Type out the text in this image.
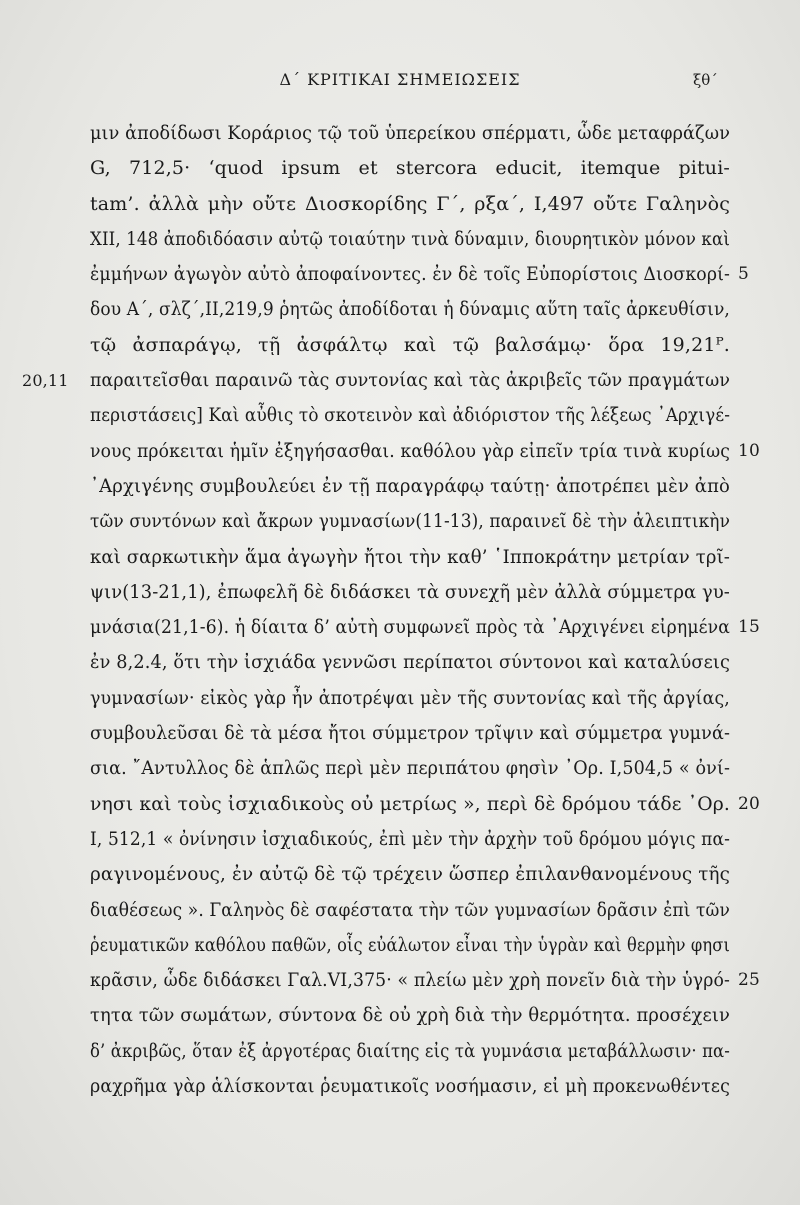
Δ΄ ΚΡΙΤΙΚΑΙ ΣΗΜΕΙΩΣΕΙΣ	ξθ΄
μιν ἀποδίδωσι Κοράριος τῷ τοῦ ὑπερείκου σπέρματι, ὧδε μεταφράζων
G, 712,5· ‘quod ipsum et stercora educit, itemque pitui-
tam’. ἀλλὰ μὴν οὔτε Διοσκορίδης Γ΄, ρξα΄, I,497 οὔτε Γαληνὸς
XII, 148 ἀποδιδόασιν αὐτῷ τοιαύτην τινὰ δύναμιν, διουρητικὸν μόνον καὶ
ἐμμήνων ἀγωγὸν αὐτὸ ἀποφαίνοντες. ἐν δὲ τοῖς Εὐπορίστοις Διοσκορί- 5
δου Α΄, σλζ΄,II,219,9 ῥητῶς ἀποδίδοται ἡ δύναμις αὕτη ταῖς ἀρκευθίσιν,
τῷ ἀσπαράγῳ, τῇ ἀσφάλτῳ καὶ τῷ βαλσάμῳ· ὅρα 19,21ᴾ.
20,11 παραιτεῖσθαι παραινῶ τὰς συντονίας καὶ τὰς ἀκριβεῖς τῶν πραγμάτων
περιστάσεις] Καὶ αὖθις τὸ σκοτεινὸν καὶ ἀδιόριστον τῆς λέξεως ᾿Αρχιγέ-
νους πρόκειται ἡμῖν ἐξηγήσασθαι. καθόλου γὰρ εἰπεῖν τρία τινὰ κυρίως 10
᾿Αρχιγένης συμβουλεύει ἐν τῇ παραγράφῳ ταύτῃ· ἀποτρέπει μὲν ἀπὸ
τῶν συντόνων καὶ ἄκρων γυμνασίων(11-13), παραινεῖ δὲ τὴν ἀλειπτικὴν
καὶ σαρκωτικὴν ἅμα ἀγωγὴν ἤτοι τὴν καθ’ ῾Ιπποκράτην μετρίαν τρῖ-
ψιν(13-21,1), ἐπωφελῆ δὲ διδάσκει τὰ συνεχῆ μὲν ἀλλὰ σύμμετρα γυ-
μνάσια(21,1-6). ἡ δίαιτα δ’ αὐτὴ συμφωνεῖ πρὸς τὰ ᾿Αρχιγένει εἰρημένα 15
ἐν 8,2.4, ὅτι τὴν ἰσχιάδα γεννῶσι περίπατοι σύντονοι καὶ καταλύσεις
γυμνασίων· εἰκὸς γὰρ ἦν ἀποτρέψαι μὲν τῆς συντονίας καὶ τῆς ἀργίας,
συμβουλεῦσαι δὲ τὰ μέσα ἤτοι σύμμετρον τρῖψιν καὶ σύμμετρα γυμνά-
σια. ῎Αντυλλος δὲ ἁπλῶς περὶ μὲν περιπάτου φησὶν ᾿Ορ. I,504,5 « ὀνί-
νησι καὶ τοὺς ἰσχιαδικοὺς οὐ μετρίως », περὶ δὲ δρόμου τάδε ᾿Ορ. 20
I, 512,1 « ὀνίνησιν ἰσχιαδικούς, ἐπὶ μὲν τὴν ἀρχὴν τοῦ δρόμου μόγις πα-
ραγινομένους, ἐν αὐτῷ δὲ τῷ τρέχειν ὥσπερ ἐπιλανθανομένους τῆς
διαθέσεως ». Γαληνὸς δὲ σαφέστατα τὴν τῶν γυμνασίων δρᾶσιν ἐπὶ τῶν
ῥευματικῶν καθόλου παθῶν, οἷς εὐάλωτον εἶναι τὴν ὑγρὰν καὶ θερμὴν φησι
κρᾶσιν, ὧδε διδάσκει Γαλ.VI,375· « πλείω μὲν χρὴ πονεῖν διὰ τὴν ὑγρό- 25
τητα τῶν σωμάτων, σύντονα δὲ οὐ χρὴ διὰ τὴν θερμότητα. προσέχειν
δ’ ἀκριβῶς, ὅταν ἐξ ἀργοτέρας διαίτης εἰς τὰ γυμνάσια μεταβάλλωσιν· πα-
ραχρῆμα γὰρ ἁλίσκονται ῥευματικοῖς νοσήμασιν, εἰ μὴ προκενωθέντες
